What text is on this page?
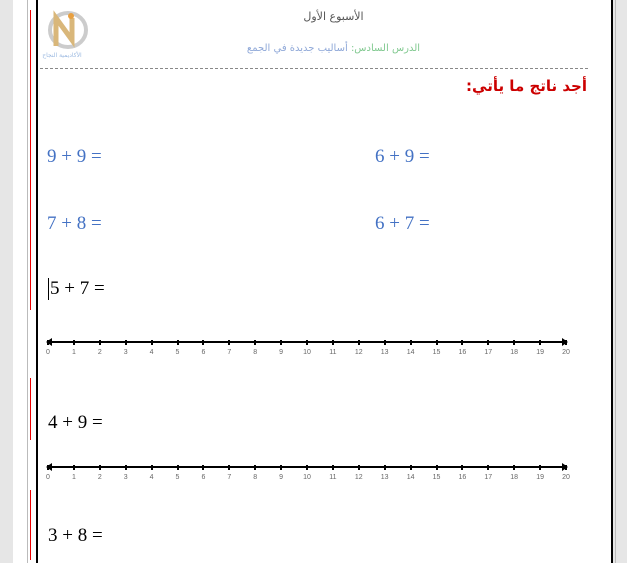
الأكاديمية النجاح
الأسبوع الأول
الدرس السادس: أساليب جديدة في الجمع
أجد ناتج ما يأتي:
9 + 9 =	6 + 9 =
7 + 8 =	6 + 7 =
5 + 7 =
0	1	2	3	4	5	6	7	8	9	10	11	12	13	14	15	16	17	18	19	20
4 + 9 =
0	1	2	3	4	5	6	7	8	9	10	11	12	13	14	15	16	17	18	19	20
3 + 8 =
